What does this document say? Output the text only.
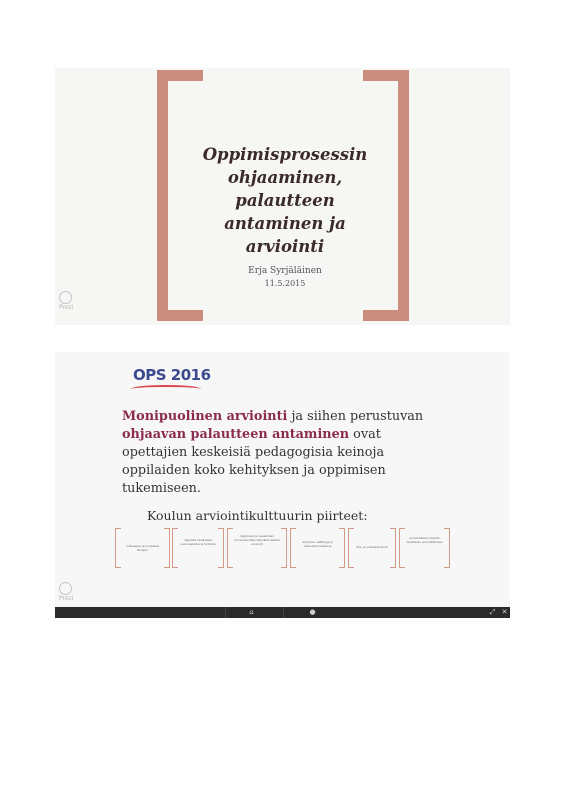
Oppimisprosessin
ohjaaminen,
palautteen
antaminen ja
arviointi
Erja Syrjäläinen
11.5.2015
Prezi
OPS 2016
Monipuolinen arviointi ja siihen perustuvan ohjaavan palautteen antaminen ovat opettajien keskeisiä pedagogisia keinoja oppilaiden koko kehityksen ja oppimisen tukemiseen.
Koulun arviointikulttuurin piirteet:
rohkaiseva ja innostava ilmapiiri
oppilaita osallistava vuorovaikutus ja toiminta
oppimisen ja osaamisen moninaisuutta näkyväksi tekevä arviointi	arvioinnin eettisyys ja oikeudenmukaisuus	itse- ja vertaisarviointi
arviointitiedon käyttö opetuksen suunnittelussa
Prezi
⌂	●	⤢ ✕
